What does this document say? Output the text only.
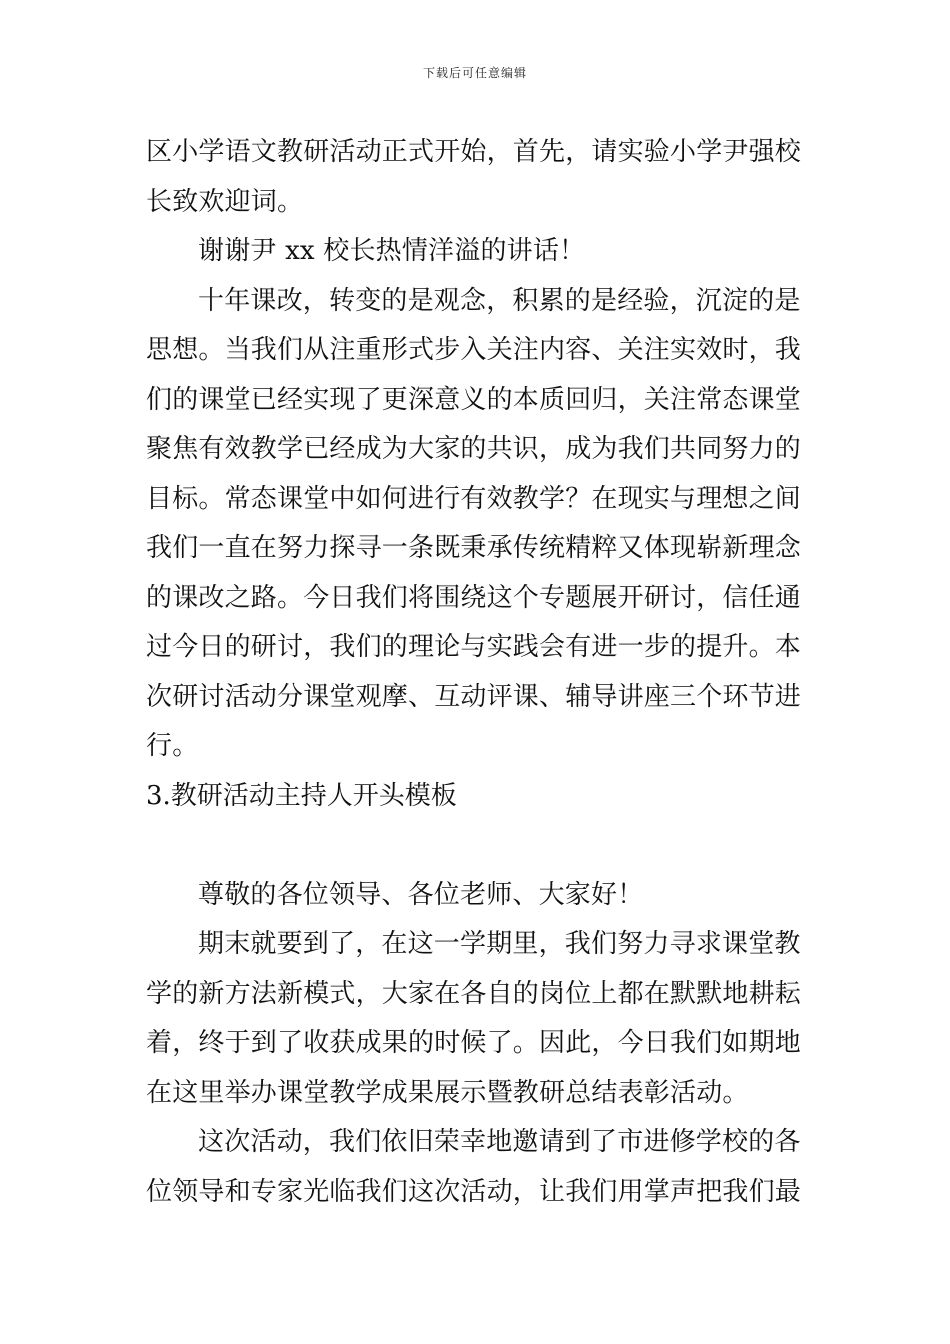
下载后可任意编辑
区小学语文教研活动正式开始，首先，请实验小学尹强校
长致欢迎词。
谢谢尹 xx 校长热情洋溢的讲话！
十年课改，转变的是观念，积累的是经验，沉淀的是
思想。当我们从注重形式步入关注内容、关注实效时，我
们的课堂已经实现了更深意义的本质回归，关注常态课堂
聚焦有效教学已经成为大家的共识，成为我们共同努力的
目标。常态课堂中如何进行有效教学？在现实与理想之间
我们一直在努力探寻一条既秉承传统精粹又体现崭新理念
的课改之路。今日我们将围绕这个专题展开研讨，信任通
过今日的研讨，我们的理论与实践会有进一步的提升。本
次研讨活动分课堂观摩、互动评课、辅导讲座三个环节进
行。
3.教研活动主持人开头模板
尊敬的各位领导、各位老师、大家好！
期末就要到了，在这一学期里，我们努力寻求课堂教
学的新方法新模式，大家在各自的岗位上都在默默地耕耘
着，终于到了收获成果的时候了。因此，今日我们如期地
在这里举办课堂教学成果展示暨教研总结表彰活动。
这次活动，我们依旧荣幸地邀请到了市进修学校的各
位领导和专家光临我们这次活动，让我们用掌声把我们最
